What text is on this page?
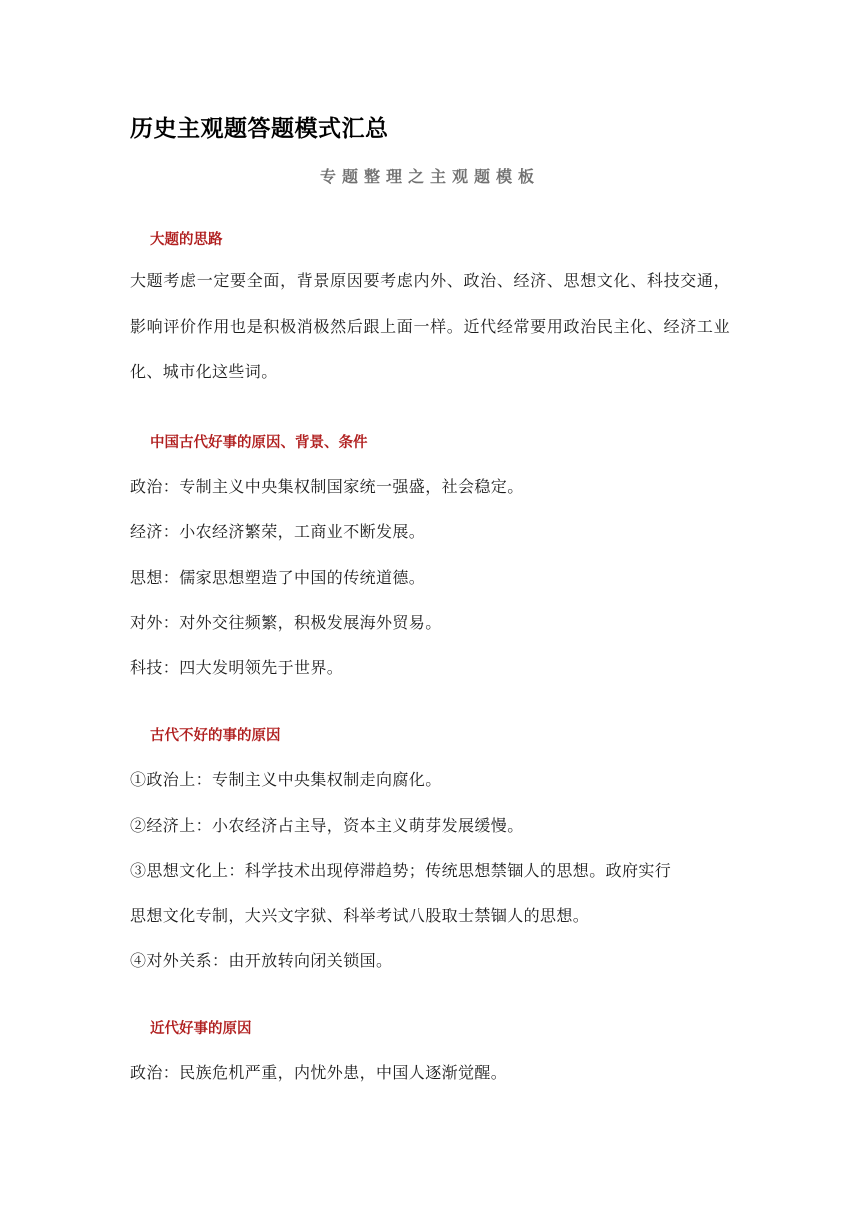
历史主观题答题模式汇总
专题整理之主观题模板
大题的思路
大题考虑一定要全面，背景原因要考虑内外、政治、经济、思想文化、科技交通，影响评价作用也是积极消极然后跟上面一样。近代经常要用政治民主化、经济工业化、城市化这些词。
中国古代好事的原因、背景、条件
政治：专制主义中央集权制国家统一强盛，社会稳定。
经济：小农经济繁荣，工商业不断发展。
思想：儒家思想塑造了中国的传统道德。
对外：对外交往频繁，积极发展海外贸易。
科技：四大发明领先于世界。
古代不好的事的原因
①政治上：专制主义中央集权制走向腐化。
②经济上：小农经济占主导，资本主义萌芽发展缓慢。
③思想文化上：科学技术出现停滞趋势；传统思想禁锢人的思想。政府实行
思想文化专制，大兴文字狱、科举考试八股取士禁锢人的思想。
④对外关系：由开放转向闭关锁国。
近代好事的原因
政治：民族危机严重，内忧外患，中国人逐渐觉醒。
